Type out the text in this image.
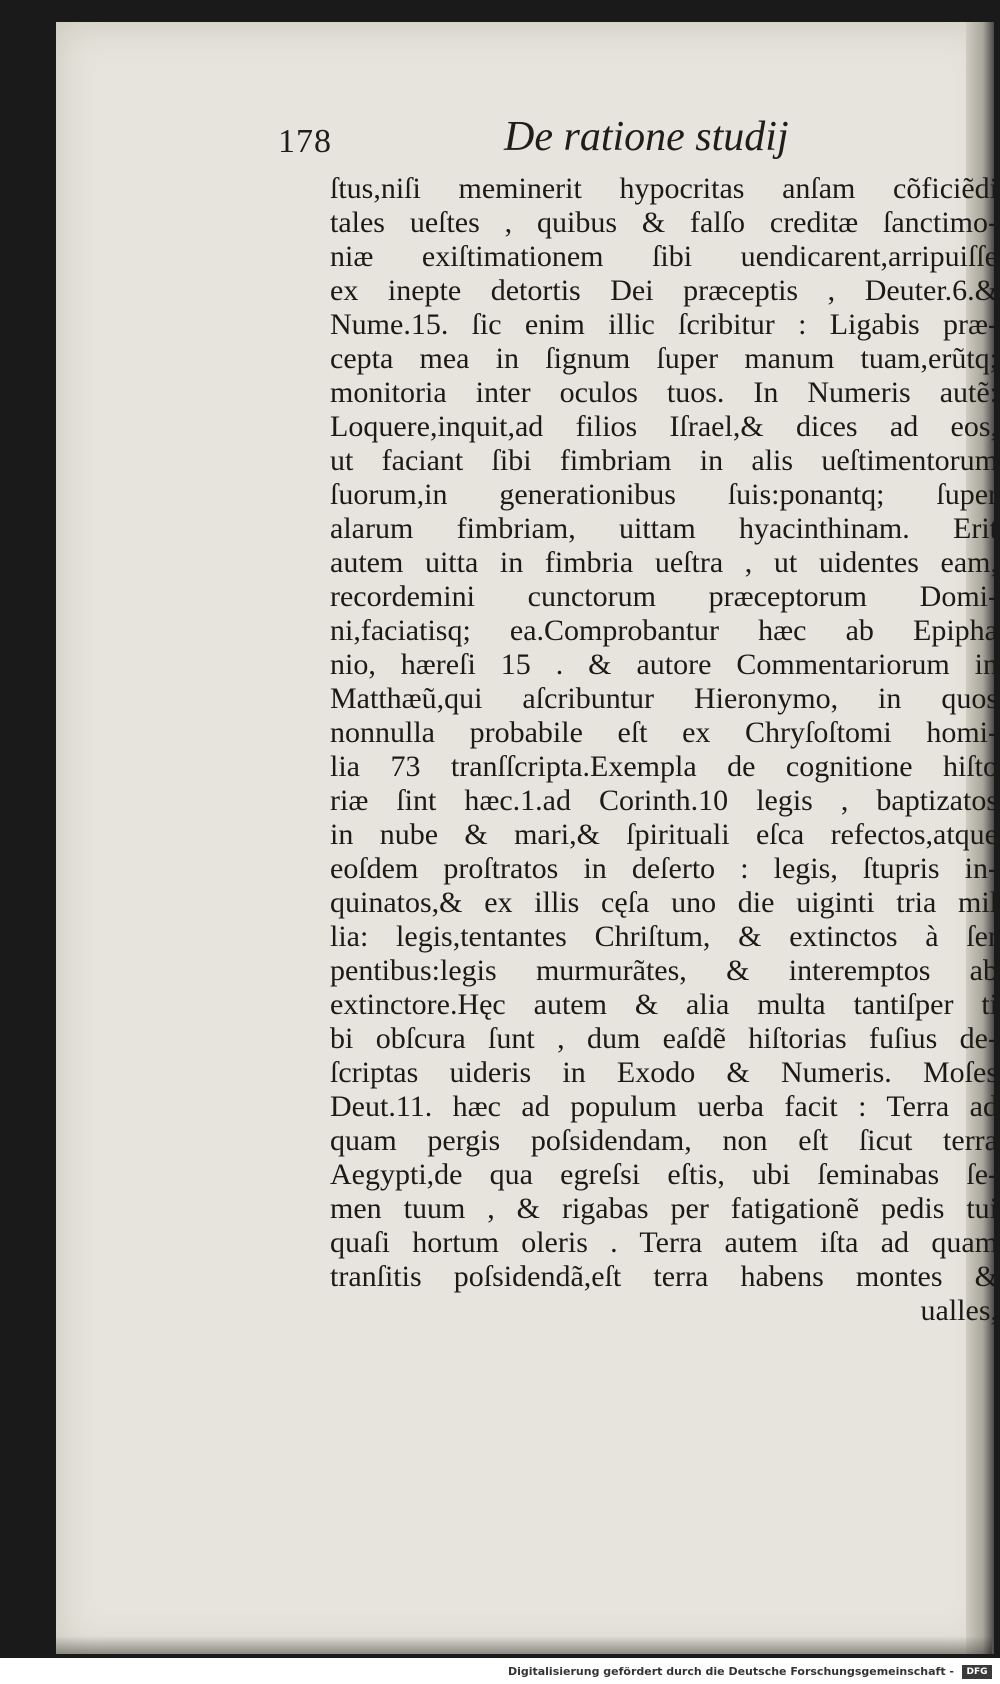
178	De ratione studij
ſtus,niſi meminerit hypocritas anſam cõficiẽdi
tales ueſtes , quibus & falſo creditæ ſanctimo-
niæ exiſtimationem ſibi uendicarent,arripuiſſe
ex inepte detortis Dei præceptis , Deuter.6.&
Nume.15. ſic enim illic ſcribitur : Ligabis præ-
cepta mea in ſignum ſuper manum tuam,erũtq;
monitoria inter oculos tuos. In Numeris autẽ:
Loquere,inquit,ad filios Iſrael,& dices ad eos,
ut faciant ſibi fimbriam in alis ueſtimentorum
ſuorum,in generationibus ſuis:ponantq; ſuper
alarum fimbriam, uittam hyacinthinam. Erit
autem uitta in fimbria ueſtra , ut uidentes eam,
recordemini cunctorum præceptorum Domi-
ni,faciatisq; ea.Comprobantur hæc ab Epipha
nio, hæreſi 15 . & autore Commentariorum in
Matthæũ,qui aſcribuntur Hieronymo, in quos
nonnulla probabile eſt ex Chryſoſtomi homi-
lia 73 tranſſcripta.Exempla de cognitione hiſto
riæ ſint hæc.1.ad Corinth.10 legis , baptizatos
in nube & mari,& ſpirituali eſca refectos,atque
eoſdem proſtratos in deſerto : legis, ſtupris in-
quinatos,& ex illis cęſa uno die uiginti tria mil
lia: legis,tentantes Chriſtum, & extinctos à ſer
pentibus:legis murmurãtes, & interemptos ab
extinctore.Hęc autem & alia multa tantiſper ti
bi obſcura ſunt , dum eaſdẽ hiſtorias fuſius de-
ſcriptas uideris in Exodo & Numeris. Moſes
Deut.11. hæc ad populum uerba facit : Terra ad
quam pergis poſsidendam, non eſt ſicut terra
Aegypti,de qua egreſsi eſtis, ubi ſeminabas ſe-
men tuum , & rigabas per fatigationẽ pedis tui
quaſi hortum oleris . Terra autem iſta ad quam
tranſitis poſsidendã,eſt terra habens montes &
ualles,
Digitalisierung gefördert durch die Deutsche Forschungsgemeinschaft -	DFG
